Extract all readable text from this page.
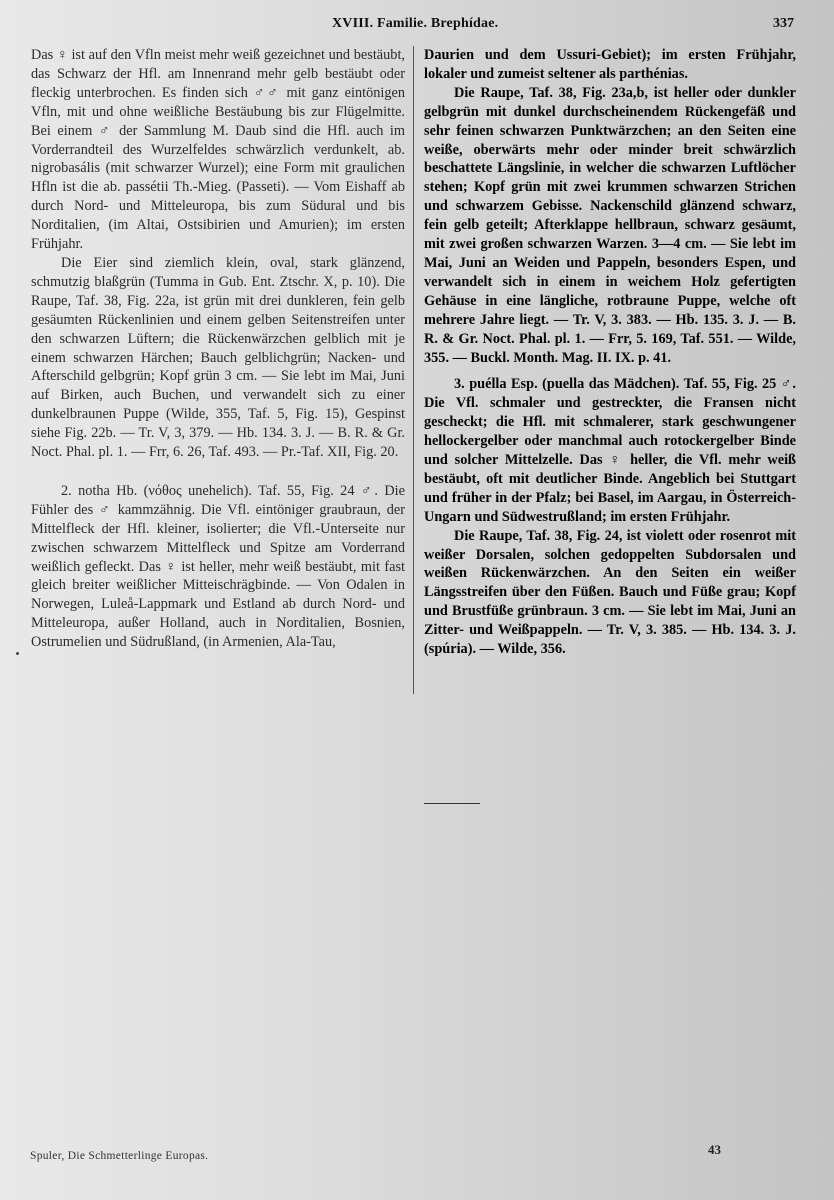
XVIII. Familie. Brephídae.	337

Das ♀ ist auf den Vfln meist mehr weiß gezeichnet und bestäubt, das Schwarz der Hfl. am Innenrand mehr gelb bestäubt oder fleckig unterbrochen. Es finden sich ♂♂ mit ganz eintönigen Vfln, mit und ohne weißliche Bestäubung bis zur Flügelmitte. Bei einem ♂ der Sammlung M. Daub sind die Hfl. auch im Vorderrandteil des Wurzelfeldes schwärzlich verdunkelt, ab. nigrobasális (mit schwarzer Wurzel); eine Form mit graulichen Hfln ist die ab. passétii Th.-Mieg. (Passeti). — Vom Eishaff ab durch Nord- und Mitteleuropa, bis zum Südural und bis Norditalien, (im Altai, Ostsibirien und Amurien); im ersten Frühjahr.

Die Eier sind ziemlich klein, oval, stark glänzend, schmutzig blaßgrün (Tumma in Gub. Ent. Ztschr. X, p. 10). Die Raupe, Taf. 38, Fig. 22a, ist grün mit drei dunkleren, fein gelb gesäumten Rückenlinien und einem gelben Seitenstreifen unter den schwarzen Lüftern; die Rückenwärzchen gelblich mit je einem schwarzen Härchen; Bauch gelblichgrün; Nacken- und Afterschild gelbgrün; Kopf grün 3 cm. — Sie lebt im Mai, Juni auf Birken, auch Buchen, und verwandelt sich zu einer dunkelbraunen Puppe (Wilde, 355, Taf. 5, Fig. 15), Gespinst siehe Fig. 22b. — Tr. V, 3, 379. — Hb. 134. 3. J. — B. R. & Gr. Noct. Phal. pl. 1. — Frr, 6. 26, Taf. 493. — Pr.-Taf. XII, Fig. 20.

2. notha Hb. (νόθος unehelich). Taf. 55, Fig. 24 ♂. Die Fühler des ♂ kammzähnig. Die Vfl. eintöniger graubraun, der Mittelfleck der Hfl. kleiner, isolierter; die Vfl.-Unterseite nur zwischen schwarzem Mittelfleck und Spitze am Vorderrand weißlich gefleckt. Das ♀ ist heller, mehr weiß bestäubt, mit fast gleich breiter weißlicher Mitteischrägbinde. — Von Odalen in Norwegen, Luleå-Lappmark und Estland ab durch Nord- und Mitteleuropa, außer Holland, auch in Norditalien, Bosnien, Ostrumelien und Südrußland, (in Armenien, Ala-Tau,

Daurien und dem Ussuri-Gebiet); im ersten Frühjahr, lokaler und zumeist seltener als parthénias.

Die Raupe, Taf. 38, Fig. 23a,b, ist heller oder dunkler gelbgrün mit dunkel durchscheinendem Rückengefäß und sehr feinen schwarzen Punktwärzchen; an den Seiten eine weiße, oberwärts mehr oder minder breit schwärzlich beschattete Längslinie, in welcher die schwarzen Luftlöcher stehen; Kopf grün mit zwei krummen schwarzen Strichen und schwarzem Gebisse. Nackenschild glänzend schwarz, fein gelb geteilt; Afterklappe hellbraun, schwarz gesäumt, mit zwei großen schwarzen Warzen. 3—4 cm. — Sie lebt im Mai, Juni an Weiden und Pappeln, besonders Espen, und verwandelt sich in einem in weichem Holz gefertigten Gehäuse in eine längliche, rotbraune Puppe, welche oft mehrere Jahre liegt. — Tr. V, 3. 383. — Hb. 135. 3. J. — B. R. & Gr. Noct. Phal. pl. 1. — Frr, 5. 169, Taf. 551. — Wilde, 355. — Buckl. Month. Mag. II. IX. p. 41.

3. puélla Esp. (puella das Mädchen). Taf. 55, Fig. 25 ♂. Die Vfl. schmaler und gestreckter, die Fransen nicht gescheckt; die Hfl. mit schmalerer, stark geschwungener hellockergelber oder manchmal auch rotockergelber Binde und solcher Mittelzelle. Das ♀ heller, die Vfl. mehr weiß bestäubt, oft mit deutlicher Binde. Angeblich bei Stuttgart und früher in der Pfalz; bei Basel, im Aargau, in Österreich-Ungarn und Südwestrußland; im ersten Frühjahr.

Die Raupe, Taf. 38, Fig. 24, ist violett oder rosenrot mit weißer Dorsalen, solchen gedoppelten Subdorsalen und weißen Rückenwärzchen. An den Seiten ein weißer Längsstreifen über den Füßen. Bauch und Füße grau; Kopf und Brustfüße grünbraun. 3 cm. — Sie lebt im Mai, Juni an Zitter- und Weißpappeln. — Tr. V, 3. 385. — Hb. 134. 3. J. (spúria). — Wilde, 356.

Spuler, Die Schmetterlinge Europas.	43
